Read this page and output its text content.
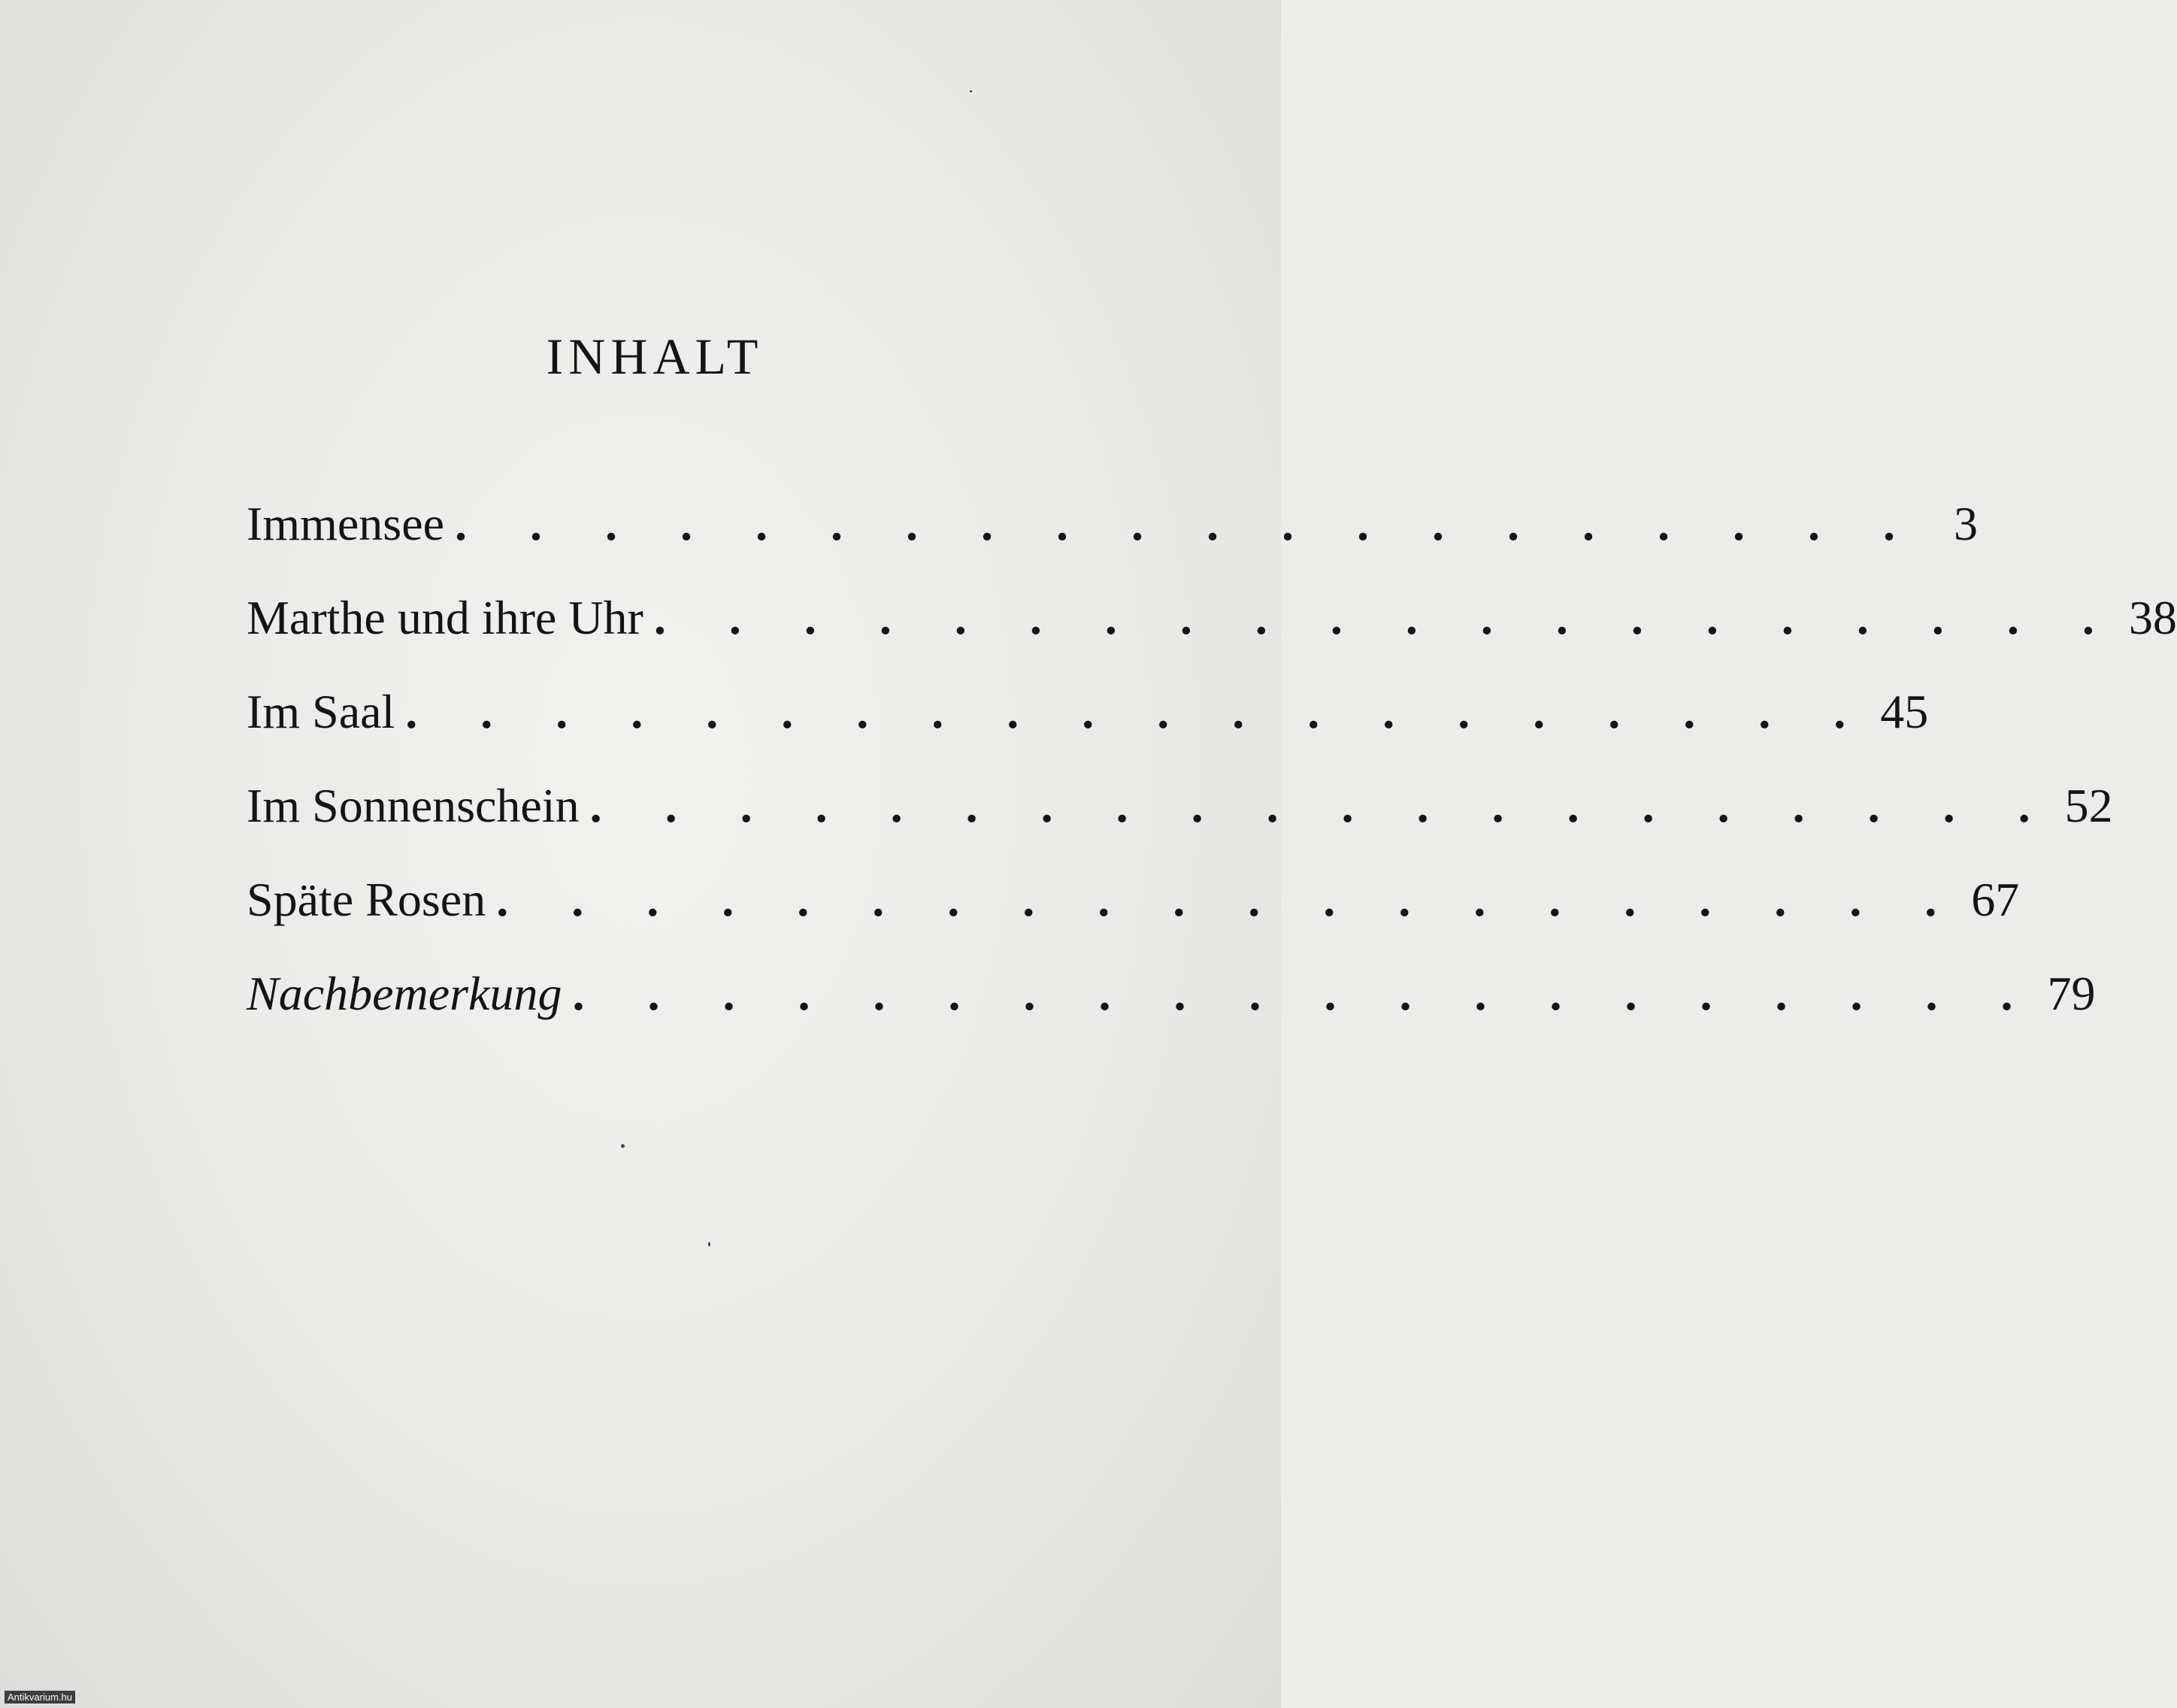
INHALT
Immensee . . . . . . . . . . . . . . . . . . . . 3
Marthe und ihre Uhr . . . . . . . . . . . . . . . . . . . . 38
Im Saal . . . . . . . . . . . . . . . . . . . . 45
Im Sonnenschein . . . . . . . . . . . . . . . . . . . . 52
Späte Rosen . . . . . . . . . . . . . . . . . . . . 67
Nachbemerkung . . . . . . . . . . . . . . . . . . . . 79
Antikvarium.hu
